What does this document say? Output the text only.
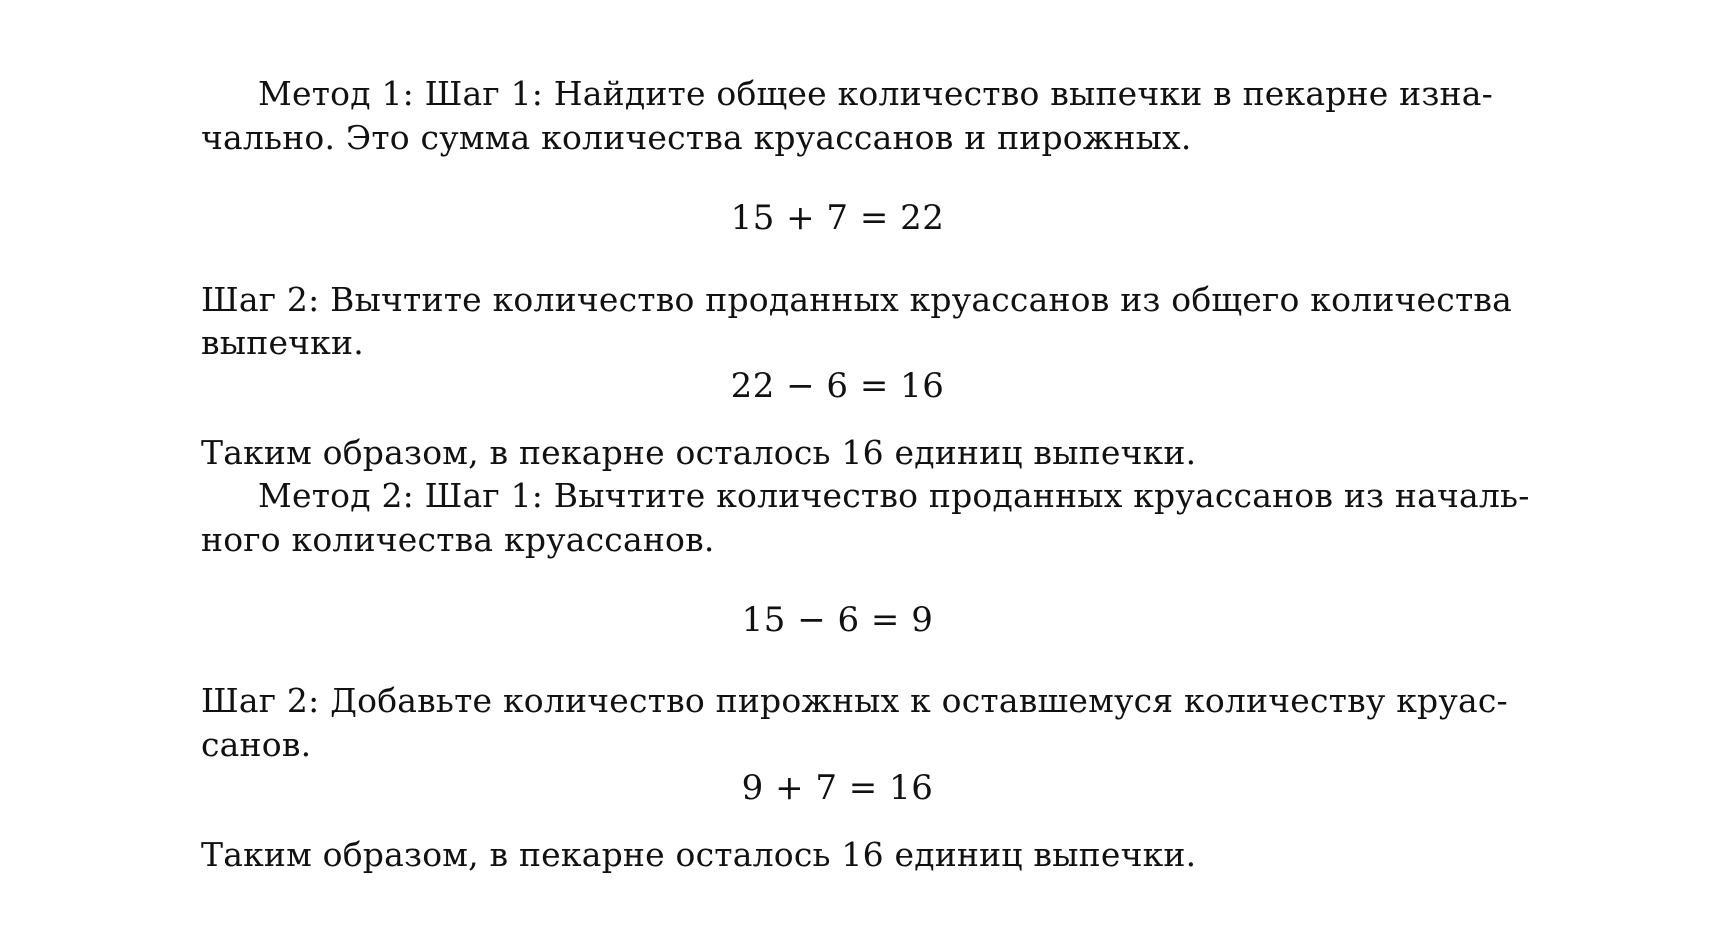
Метод 1: Шаг 1: Найдите общее количество выпечки в пекарне изна-
чально. Это сумма количества круассанов и пирожных.
15 + 7 = 22
Шаг 2: Вычтите количество проданных круассанов из общего количества
выпечки.
22 − 6 = 16
Таким образом, в пекарне осталось 16 единиц выпечки.
Метод 2: Шаг 1: Вычтите количество проданных круассанов из началь-
ного количества круассанов.
15 − 6 = 9
Шаг 2: Добавьте количество пирожных к оставшемуся количеству круас-
санов.
9 + 7 = 16
Таким образом, в пекарне осталось 16 единиц выпечки.
